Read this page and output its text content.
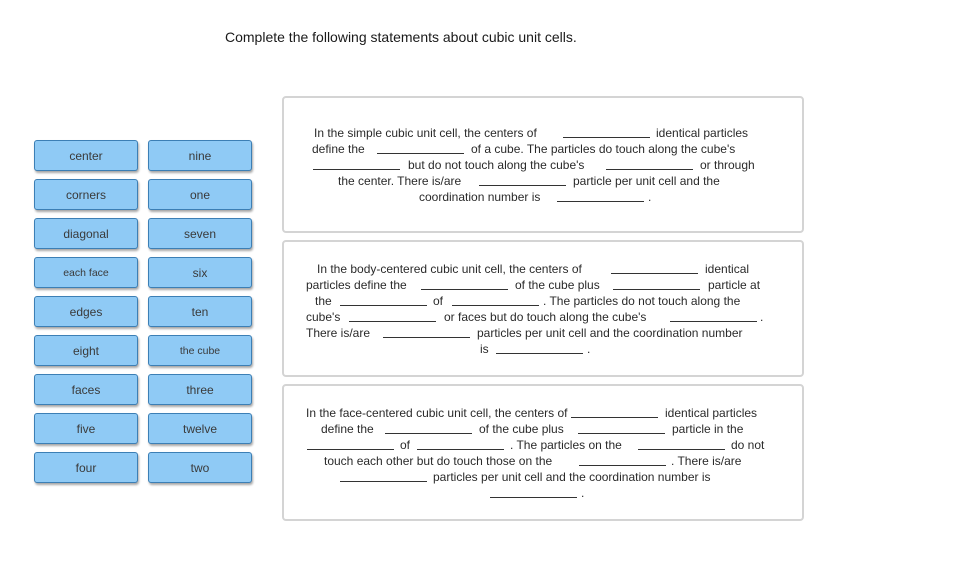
Complete the following statements about cubic unit cells.
center
corners
diagonal
each face
edges
eight
faces
five
four
nine
one
seven
six
ten
the cube
three
twelve
two
In the simple cubic unit cell, the centers of	identical particles
define the	of a cube. The particles do touch along the cube's
but do not touch along the cube's	or through
the center. There is/are	particle per unit cell and the
coordination number is	.
In the body-centered cubic unit cell, the centers of	identical
particles define the	of the cube plus	particle at
the	of	. The particles do not touch along the
cube's	or faces but do touch along the cube's	.
There is/are	particles per unit cell and the coordination number
is	.
In the face-centered cubic unit cell, the centers of	identical particles
define the	of the cube plus	particle in the
of	. The particles on the	do not
touch each other but do touch those on the	. There is/are
particles per unit cell and the coordination number is
.
